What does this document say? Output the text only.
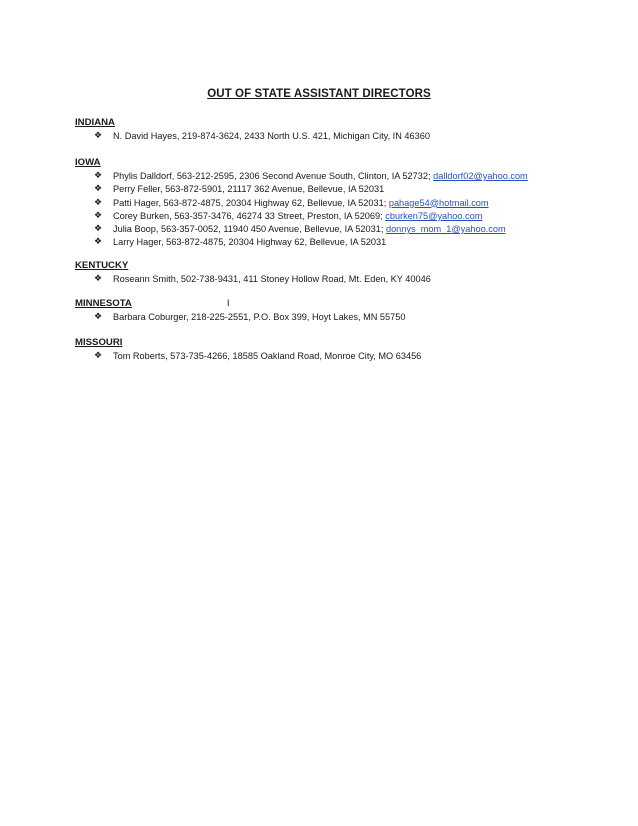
OUT OF STATE ASSISTANT DIRECTORS
INDIANA
❖ N. David Hayes, 219-874-3624, 2433 North U.S. 421, Michigan City, IN 46360
IOWA
❖ Phylis Dalldorf, 563-212-2595, 2306 Second Avenue South, Clinton, IA 52732; dalldorf02@yahoo.com
❖ Perry Feller, 563-872-5901, 21117 362 Avenue, Bellevue, IA 52031
❖ Patti Hager, 563-872-4875, 20304 Highway 62, Bellevue, IA 52031; pahage54@hotmail.com
❖ Corey Burken, 563-357-3476, 46274 33 Street, Preston, IA 52069; cburken75@yahoo.com
❖ Julia Boop, 563-357-0052, 11940 450 Avenue, Bellevue, IA 52031; donnys_mom_1@yahoo.com
❖ Larry Hager, 563-872-4875, 20304 Highway 62, Bellevue, IA 52031
KENTUCKY
❖ Roseann Smith, 502-738-9431, 411 Stoney Hollow Road, Mt. Eden, KY 40046
MINNESOTA	I
❖ Barbara Coburger, 218-225-2551, P.O. Box 399, Hoyt Lakes, MN 55750
MISSOURI
❖ Tom Roberts, 573-735-4266, 18585 Oakland Road, Monroe City, MO 63456
